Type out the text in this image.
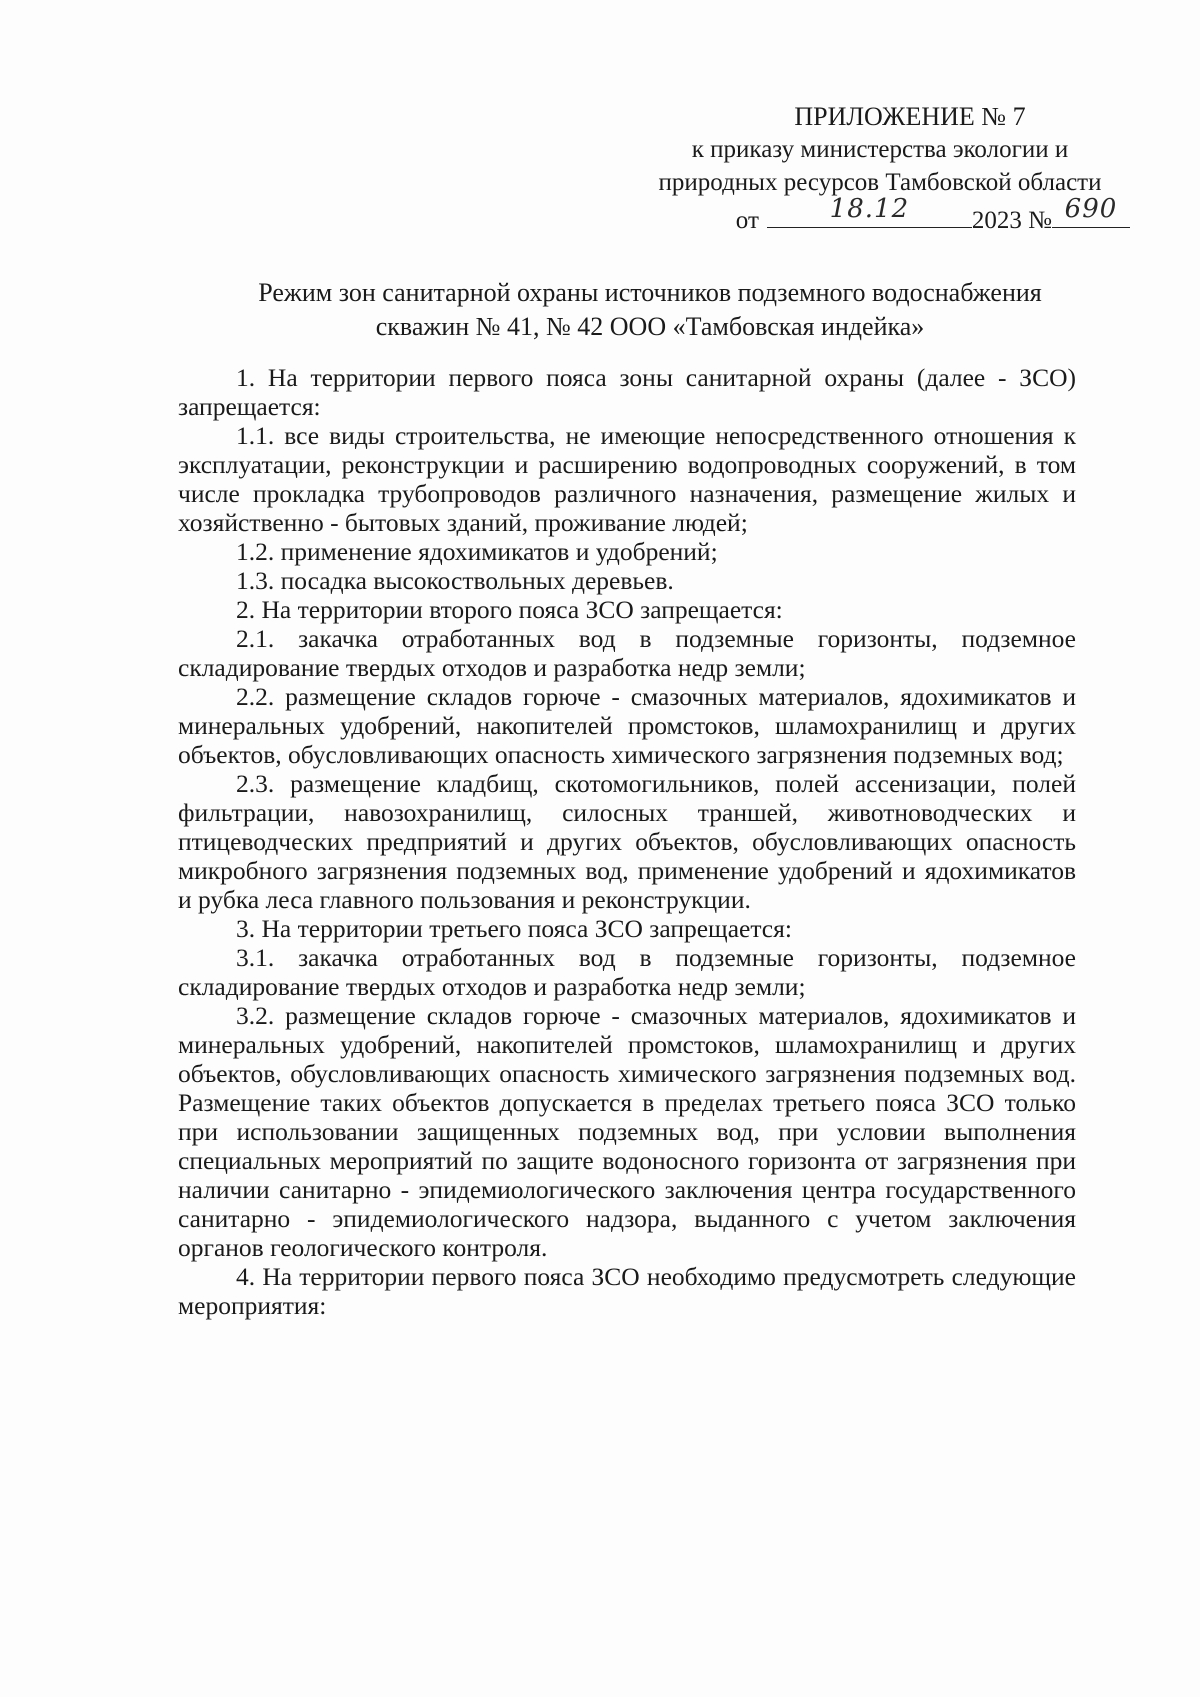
ПРИЛОЖЕНИЕ № 7
к приказу министерства экологии и
природных ресурсов Тамбовской области
от	18.12	2023 № 690
Режим зон санитарной охраны источников подземного водоснабжения
скважин № 41, № 42 ООО «Тамбовская индейка»

1. На территории первого пояса зоны санитарной охраны (далее - ЗСО) запрещается:

1.1. все виды строительства, не имеющие непосредственного отношения к эксплуатации, реконструкции и расширению водопроводных сооружений, в том числе прокладка трубопроводов различного назначения, размещение жилых и хозяйственно - бытовых зданий, проживание людей;

1.2. применение ядохимикатов и удобрений;

1.3. посадка высокоствольных деревьев.

2. На территории второго пояса ЗСО запрещается:

2.1. закачка отработанных вод в подземные горизонты, подземное складирование твердых отходов и разработка недр земли;

2.2. размещение складов горюче - смазочных материалов, ядохимикатов и минеральных удобрений, накопителей промстоков, шламохранилищ и других объектов, обусловливающих опасность химического загрязнения подземных вод;

2.3. размещение кладбищ, скотомогильников, полей ассенизации, полей фильтрации, навозохранилищ, силосных траншей, животноводческих и птицеводческих предприятий и других объектов, обусловливающих опасность микробного загрязнения подземных вод, применение удобрений и ядохимикатов и рубка леса главного пользования и реконструкции.

3. На территории третьего пояса ЗСО запрещается:

3.1. закачка отработанных вод в подземные горизонты, подземное складирование твердых отходов и разработка недр земли;

3.2. размещение складов горюче - смазочных материалов, ядохимикатов и минеральных удобрений, накопителей промстоков, шламохранилищ и других объектов, обусловливающих опасность химического загрязнения подземных вод. Размещение таких объектов допускается в пределах третьего пояса ЗСО только при использовании защищенных подземных вод, при условии выполнения специальных мероприятий по защите водоносного горизонта от загрязнения при наличии санитарно - эпидемиологического заключения центра государственного санитарно - эпидемиологического надзора, выданного с учетом заключения органов геологического контроля.

4. На территории первого пояса ЗСО необходимо предусмотреть следующие мероприятия:
